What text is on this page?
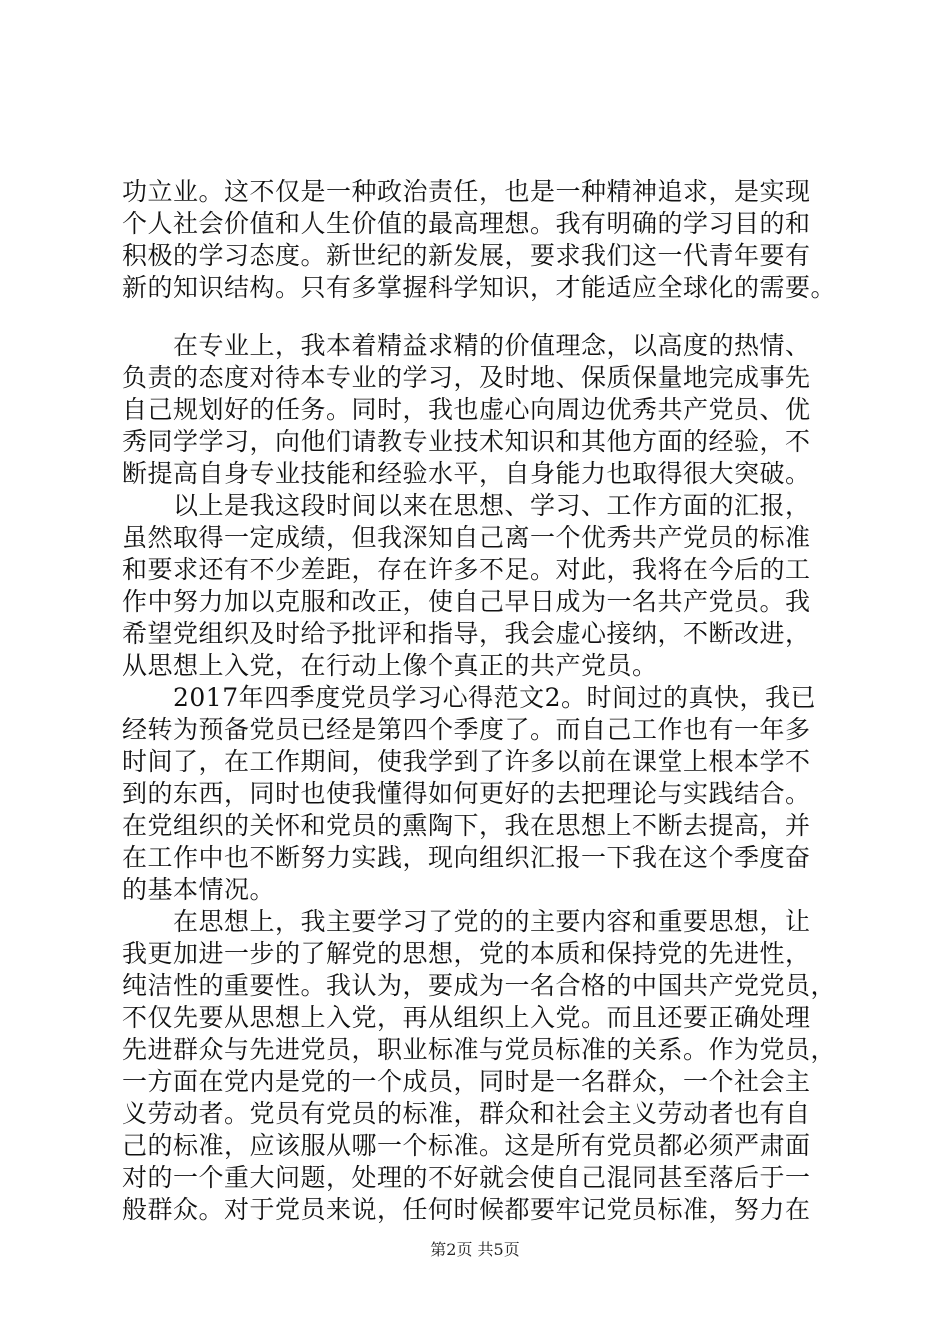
功立业。这不仅是一种政治责任，也是一种精神追求，是实现
个人社会价值和人生价值的最高理想。我有明确的学习目的和
积极的学习态度。新世纪的新发展，要求我们这一代青年要有
新的知识结构。只有多掌握科学知识，才能适应全球化的需要。
　　在专业上，我本着精益求精的价值理念，以高度的热情、
负责的态度对待本专业的学习，及时地、保质保量地完成事先
自己规划好的任务。同时，我也虚心向周边优秀共产党员、优
秀同学学习，向他们请教专业技术知识和其他方面的经验，不
断提高自身专业技能和经验水平，自身能力也取得很大突破。
　　以上是我这段时间以来在思想、学习、工作方面的汇报，
虽然取得一定成绩，但我深知自己离一个优秀共产党员的标准
和要求还有不少差距，存在许多不足。对此，我将在今后的工
作中努力加以克服和改正，使自己早日成为一名共产党员。我
希望党组织及时给予批评和指导，我会虚心接纳，不断改进，
从思想上入党，在行动上像个真正的共产党员。
　　2017年四季度党员学习心得范文2。时间过的真快，我已
经转为预备党员已经是第四个季度了。而自己工作也有一年多
时间了，在工作期间，使我学到了许多以前在课堂上根本学不
到的东西，同时也使我懂得如何更好的去把理论与实践结合。
在党组织的关怀和党员的熏陶下，我在思想上不断去提高，并
在工作中也不断努力实践，现向组织汇报一下我在这个季度奋
的基本情况。
　　在思想上，我主要学习了党的的主要内容和重要思想，让
我更加进一步的了解党的思想，党的本质和保持党的先进性，
纯洁性的重要性。我认为，要成为一名合格的中国共产党党员，
不仅先要从思想上入党，再从组织上入党。而且还要正确处理
先进群众与先进党员，职业标准与党员标准的关系。作为党员，
一方面在党内是党的一个成员，同时是一名群众，一个社会主
义劳动者。党员有党员的标准，群众和社会主义劳动者也有自
己的标准，应该服从哪一个标准。这是所有党员都必须严肃面
对的一个重大问题，处理的不好就会使自己混同甚至落后于一
般群众。对于党员来说，任何时候都要牢记党员标准，努力在
第2页 共5页
